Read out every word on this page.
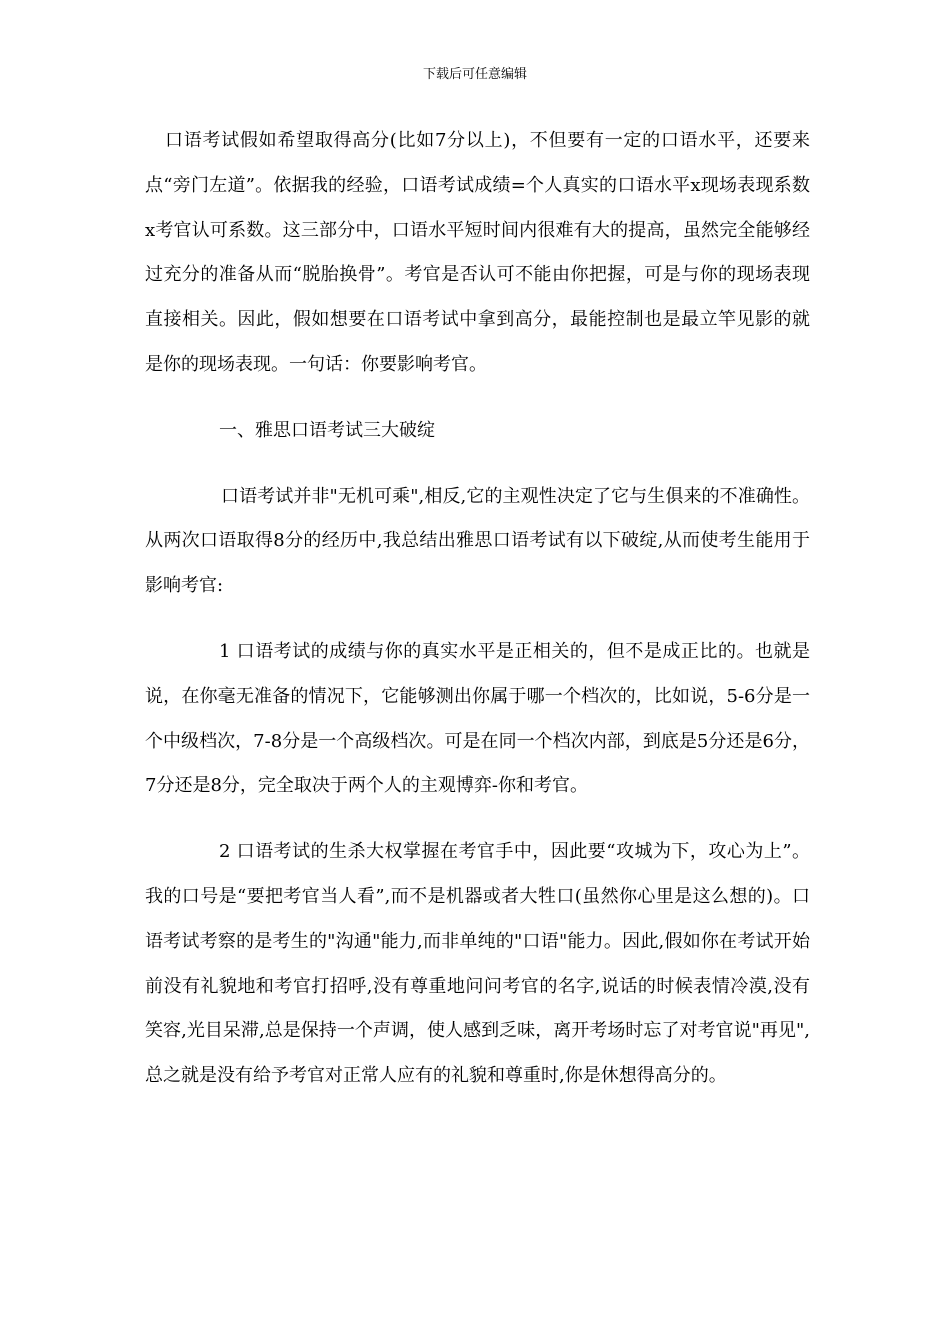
下载后可任意编辑

口语考试假如希望取得高分(比如7分以上)，不但要有一定的口语水平，还要来点“旁门左道”。依据我的经验，口语考试成绩=个人真实的口语水平x现场表现系数x考官认可系数。这三部分中，口语水平短时间内很难有大的提高，虽然完全能够经过充分的准备从而“脱胎换骨”。考官是否认可不能由你把握，可是与你的现场表现直接相关。因此，假如想要在口语考试中拿到高分，最能控制也是最立竿见影的就是你的现场表现。一句话：你要影响考官。

一、雅思口语考试三大破绽

口语考试并非"无机可乘",相反,它的主观性决定了它与生俱来的不准确性。从两次口语取得8分的经历中,我总结出雅思口语考试有以下破绽,从而使考生能用于影响考官:

1 口语考试的成绩与你的真实水平是正相关的，但不是成正比的。也就是说，在你毫无准备的情况下，它能够测出你属于哪一个档次的，比如说，5-6分是一个中级档次，7-8分是一个高级档次。可是在同一个档次内部，到底是5分还是6分，7分还是8分，完全取决于两个人的主观博弈-你和考官。

2 口语考试的生杀大权掌握在考官手中，因此要“攻城为下，攻心为上”。我的口号是“要把考官当人看”,而不是机器或者大牲口(虽然你心里是这么想的)。口语考试考察的是考生的"沟通"能力,而非单纯的"口语"能力。因此,假如你在考试开始前没有礼貌地和考官打招呼,没有尊重地问问考官的名字,说话的时候表情冷漠,没有笑容,光目呆滞,总是保持一个声调，使人感到乏味，离开考场时忘了对考官说"再见",总之就是没有给予考官对正常人应有的礼貌和尊重时,你是休想得高分的。
